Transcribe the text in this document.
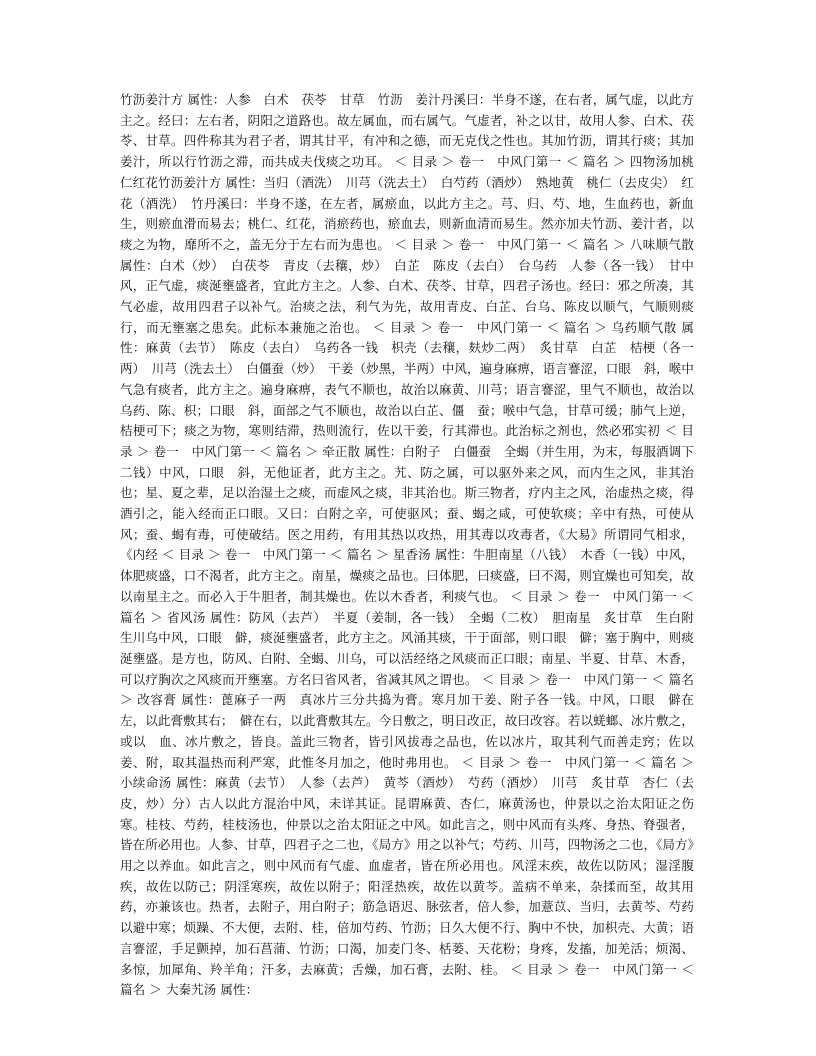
竹沥姜汁方 属性：人参　白术　茯苓　甘草　竹沥　姜汁丹溪曰：半身不遂，在右者，属气虚，以此方主之。经曰：左右者，阴阳之道路也。故左属血，而右属气。气虚者，补之以甘，故用人参、白术、茯苓、甘草。四件称其为君子者，谓其甘平，有冲和之德，而无克伐之性也。其加竹沥，谓其行痰；其加姜汁，所以行竹沥之滞，而共成夫伐痰之功耳。 ＜ 目录 ＞ 卷一　中风门第一 ＜ 篇名 ＞ 四物汤加桃仁红花竹沥姜汁方 属性：当归（酒洗）　川芎（洗去土）　白芍药（酒炒）　熟地黄　桃仁（去皮尖）　红花（酒洗）　竹丹溪曰：半身不遂，在左者，属瘀血，以此方主之。芎、归、芍、地，生血药也，新血生，则瘀血滑而易去；桃仁、红花，消瘀药也，瘀血去，则新血清而易生。然亦加夫竹沥、姜汁者，以痰之为物，靡所不之，盖无分于左右而为患也。 ＜ 目录 ＞ 卷一　中风门第一 ＜ 篇名 ＞ 八味顺气散 属性：白术（炒）　白茯苓　青皮（去穰，炒）　白芷　陈皮（去白）　台乌药　人参（各一钱）　甘中风，正气虚，痰涎壅盛者，宜此方主之。人参、白术、茯苓、甘草，四君子汤也。经曰：邪之所凑，其气必虚，故用四君子以补气。治痰之法，利气为先，故用青皮、白芷、台乌、陈皮以顺气，气顺则痰行，而无壅塞之患矣。此标本兼施之治也。 ＜ 目录 ＞ 卷一　中风门第一 ＜ 篇名 ＞ 乌药顺气散 属性：麻黄（去节）　陈皮（去白）　乌药各一钱　枳壳（去穰，麸炒二两）　炙甘草　白芷　桔梗（各一两）　川芎（洗去土）　白僵蚕（炒）　干姜（炒黑，半两）中风，遍身麻痹，语言謇涩，口眼　斜，喉中气急有痰者，此方主之。遍身麻痹，表气不顺也，故治以麻黄、川芎；语言謇涩，里气不顺也，故治以乌药、陈、枳；口眼　斜，面部之气不顺也，故治以白芷、僵　蚕；喉中气急，甘草可缓；肺气上逆，桔梗可下；痰之为物，寒则结滞，热则流行，佐以干姜，行其滞也。此治标之剂也，然必邪实初 ＜ 目录 ＞ 卷一　中风门第一 ＜ 篇名 ＞ 牵正散 属性：白附子　白僵蚕　全蝎（并生用，为末，每服酒调下二钱）中风，口眼　斜，无他证者，此方主之。艽、防之属，可以驱外来之风，而内生之风，非其治也；星、夏之辈，足以治湿土之痰，而虚风之痰，非其治也。斯三物者，疗内主之风，治虚热之痰，得酒引之，能入经而正口眼。又曰：白附之辛，可使驱风；蚕、蝎之咸，可使软痰；辛中有热，可使从风；蚕、蝎有毒，可使破结。医之用药，有用其热以攻热，用其毒以攻毒者，《大易》所谓同气相求，《内经 ＜ 目录 ＞ 卷一　中风门第一 ＜ 篇名 ＞ 星香汤 属性：牛胆南星（八钱）　木香（一钱）中风，体肥痰盛，口不渴者，此方主之。南星，燥痰之品也。曰体肥，曰痰盛，曰不渴，则宜燥也可知矣，故以南星主之。而必入于牛胆者，制其燥也。佐以木香者，利痰气也。 ＜ 目录 ＞ 卷一　中风门第一 ＜ 篇名 ＞ 省风汤 属性：防风（去芦）　半夏（姜制，各一钱）　全蝎（二枚）　胆南星　炙甘草　生白附　生川乌中风，口眼　僻，痰涎壅盛者，此方主之。风涌其痰，干于面部，则口眼　僻；塞于胸中，则痰涎壅盛。是方也，防风、白附、全蝎、川乌，可以活经络之风痰而正口眼；南星、半夏、甘草、木香，可以疗胸次之风痰而开壅塞。方名曰省风者，省减其风之谓也。 ＜ 目录 ＞ 卷一　中风门第一 ＜ 篇名 ＞ 改容膏 属性：蓖麻子一两　真冰片三分共捣为膏。寒月加干姜、附子各一钱。中风，口眼　僻在左，以此膏敷其右；　僻在右，以此膏敷其左。今日敷之，明日改正，故曰改容。若以蜣螂、冰片敷之，或以　血、冰片敷之，皆良。盖此三物者，皆引风拔毒之品也，佐以冰片，取其利气而善走窍；佐以姜、附，取其温热而利严寒，此惟冬月加之，他时弗用也。 ＜ 目录 ＞ 卷一　中风门第一 ＜ 篇名 ＞ 小续命汤 属性：麻黄（去节）　人参（去芦）　黄芩（酒炒）　芍药（酒炒）　川芎　炙甘草　杏仁（去皮，炒）分）古人以此方混治中风，未详其证。昆谓麻黄、杏仁，麻黄汤也，仲景以之治太阳证之伤寒。桂枝、芍药，桂枝汤也，仲景以之治太阳证之中风。如此言之，则中风而有头疼、身热、脊强者，皆在所必用也。人参、甘草，四君子之二也，《局方》用之以补气；芍药、川芎，四物汤之二也，《局方》用之以养血。如此言之，则中风而有气虚、血虚者，皆在所必用也。风淫末疾，故佐以防风；湿淫腹疾，故佐以防己；阴淫寒疾，故佐以附子；阳淫热疾，故佐以黄芩。盖病不单来，杂揉而至，故其用药，亦兼该也。热者，去附子，用白附子；筋急语迟、脉弦者，倍人参，加薏苡、当归，去黄芩、芍药以避中寒；烦躁、不大便，去附、桂，倍加芍药、竹沥；日久大便不行、胸中不快，加枳壳、大黄；语言謇涩，手足颤掉，加石菖蒲、竹沥；口渴，加麦门冬、栝蒌、天花粉；身疼，发搐，加羌活；烦渴、多惊，加犀角、羚羊角；汗多，去麻黄；舌燥，加石膏，去附、桂。 ＜ 目录 ＞ 卷一　中风门第一 ＜ 篇名 ＞ 大秦艽汤 属性：
